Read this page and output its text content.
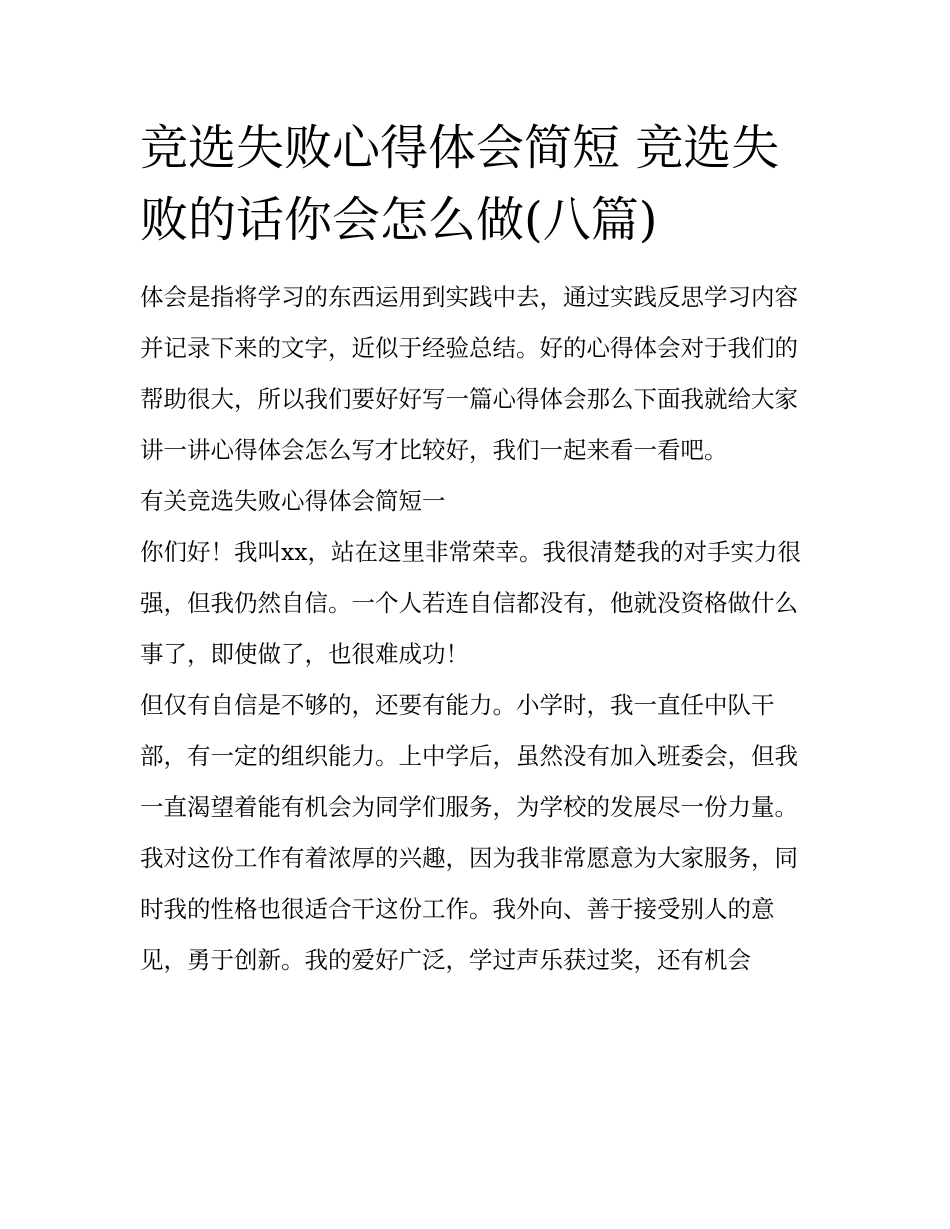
竞选失败心得体会简短 竞选失败的话你会怎么做(八篇)

体会是指将学习的东西运用到实践中去，通过实践反思学习内容并记录下来的文字，近似于经验总结。好的心得体会对于我们的帮助很大，所以我们要好好写一篇心得体会那么下面我就给大家讲一讲心得体会怎么写才比较好，我们一起来看一看吧。

有关竞选失败心得体会简短一

你们好！我叫xx，站在这里非常荣幸。我很清楚我的对手实力很强，但我仍然自信。一个人若连自信都没有，他就没资格做什么事了，即使做了，也很难成功！

但仅有自信是不够的，还要有能力。小学时，我一直任中队干部，有一定的组织能力。上中学后，虽然没有加入班委会，但我一直渴望着能有机会为同学们服务，为学校的发展尽一份力量。

我对这份工作有着浓厚的兴趣，因为我非常愿意为大家服务，同时我的性格也很适合干这份工作。我外向、善于接受别人的意见，勇于创新。我的爱好广泛，学过声乐获过奖，还有机会
